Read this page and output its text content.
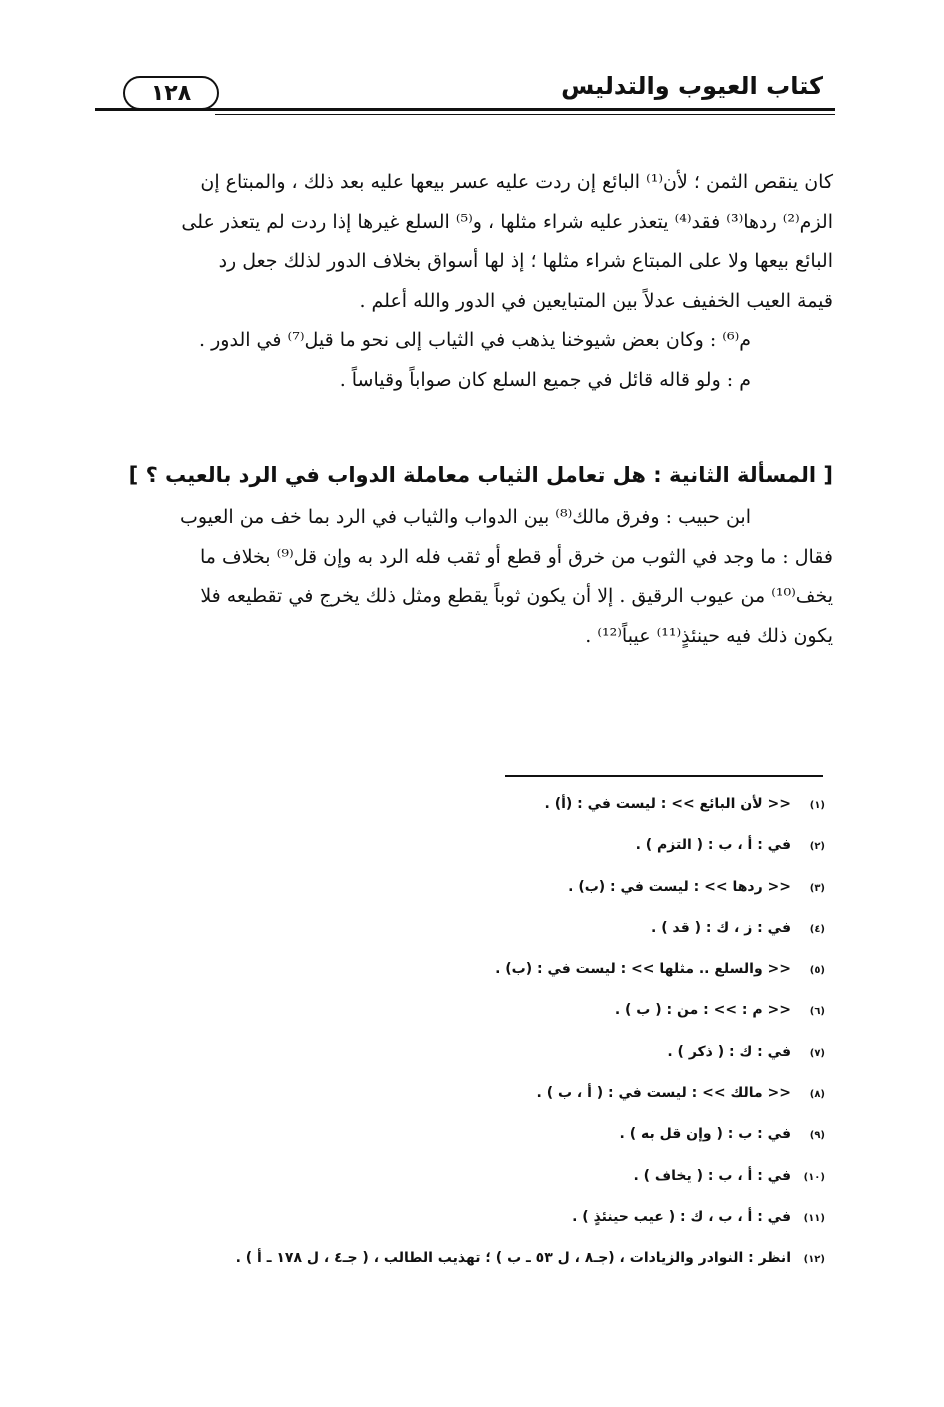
١٢٨	كتاب العيوب والتدليس
كان ينقص الثمن ؛ لأن⁽¹⁾ البائع إن ردت عليه عسر بيعها عليه بعد ذلك ، والمبتاع إن
الزم⁽²⁾ ردها⁽³⁾ فقد⁽⁴⁾ يتعذر عليه شراء مثلها ، و⁽⁵⁾ السلع غيرها إذا ردت لم يتعذر على
البائع بيعها ولا على المبتاع شراء مثلها ؛ إذ لها أسواق بخلاف الدور لذلك جعل رد
قيمة العيب الخفيف عدلاً بين المتبايعين في الدور والله أعلم .
م⁽⁶⁾ : وكان بعض شيوخنا يذهب في الثياب إلى نحو ما قيل⁽⁷⁾ في الدور .
م : ولو قاله قائل في جميع السلع كان صواباً وقياساً .
[ المسألة الثانية : هل تعامل الثياب معاملة الدواب في الرد بالعيب ؟ ]
ابن حبيب : وفرق مالك⁽⁸⁾ بين الدواب والثياب في الرد بما خف من العيوب
فقال : ما وجد في الثوب من خرق أو قطع أو ثقب فله الرد به وإن قل⁽⁹⁾ بخلاف ما
يخف⁽¹⁰⁾ من عيوب الرقيق . إلا أن يكون ثوباً يقطع ومثل ذلك يخرج في تقطيعه فلا
يكون ذلك فيه حينئذٍ⁽¹¹⁾ عيباً⁽¹²⁾ .
(١)
<< لأن البائع >> : ليست في : (أ) .
(٢)
في : أ ، ب : ( التزم ) .
(٣)
<< ردها >> : ليست في : (ب) .
(٤)
في : ز ، ك : ( قد ) .
(٥)
<< والسلع .. مثلها >> : ليست في : (ب) .
(٦)
<< م : >> : من : ( ب ) .
(٧)
في : ك : ( ذكر ) .
(٨)
<< مالك >> : ليست في : ( أ ، ب ) .
(٩)
في : ب : ( وإن قل به ) .
(١٠)
في : أ ، ب : ( يخاف ) .
(١١)
في : أ ، ب ، ك : ( عيب حينئذٍ ) .
(١٢)
انظر : النوادر والزيادات ، (جـ٨ ، ل ٥٣ ـ ب ) ؛ تهذيب الطالب ، ( جـ٤ ، ل ١٧٨ ـ أ ) .
